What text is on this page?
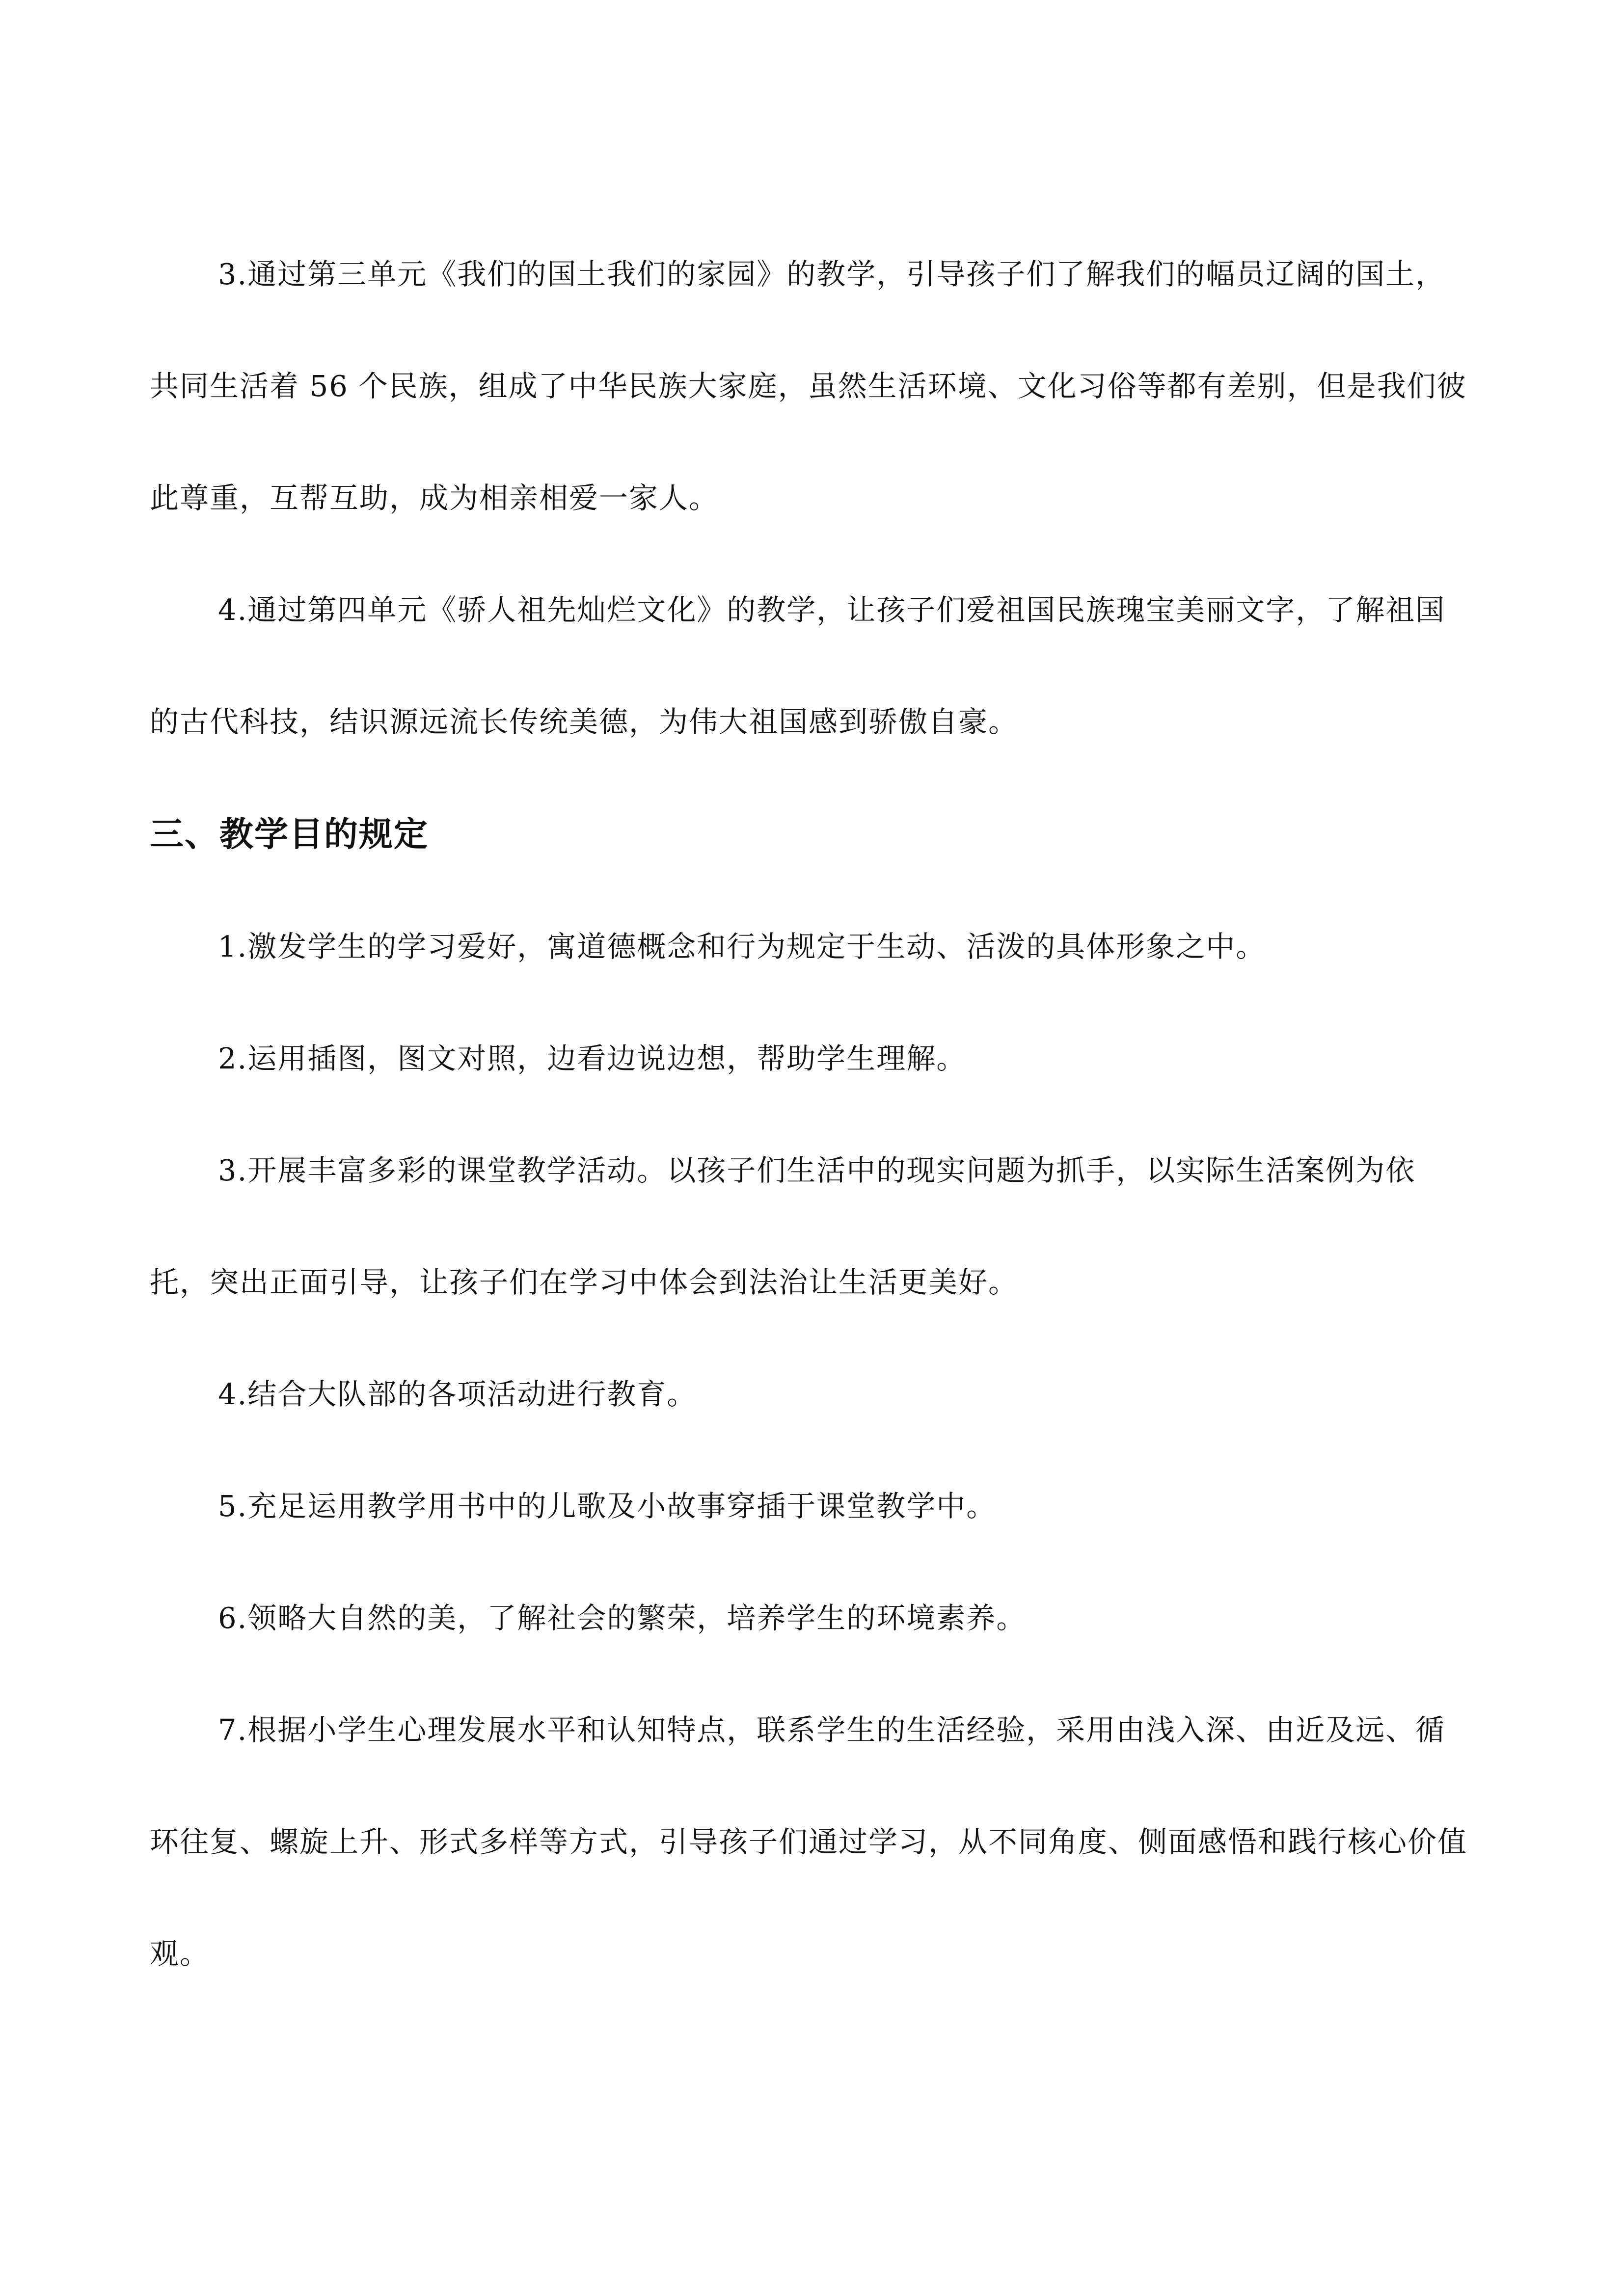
3.通过第三单元《我们的国土我们的家园》的教学，引导孩子们了解我们的幅员辽阔的国土，共同生活着 56 个民族，组成了中华民族大家庭，虽然生活环境、文化习俗等都有差别，但是我们彼此尊重，互帮互助，成为相亲相爱一家人。

4.通过第四单元《骄人祖先灿烂文化》的教学，让孩子们爱祖国民族瑰宝美丽文字，了解祖国的古代科技，结识源远流长传统美德，为伟大祖国感到骄傲自豪。

三、教学目的规定

1.激发学生的学习爱好，寓道德概念和行为规定于生动、活泼的具体形象之中。

2.运用插图，图文对照，边看边说边想，帮助学生理解。

3.开展丰富多彩的课堂教学活动。以孩子们生活中的现实问题为抓手，以实际生活案例为依托，突出正面引导，让孩子们在学习中体会到法治让生活更美好。

4.结合大队部的各项活动进行教育。

5.充足运用教学用书中的儿歌及小故事穿插于课堂教学中。

6.领略大自然的美，了解社会的繁荣，培养学生的环境素养。

7.根据小学生心理发展水平和认知特点，联系学生的生活经验，采用由浅入深、由近及远、循环往复、螺旋上升、形式多样等方式，引导孩子们通过学习，从不同角度、侧面感悟和践行核心价值观。
